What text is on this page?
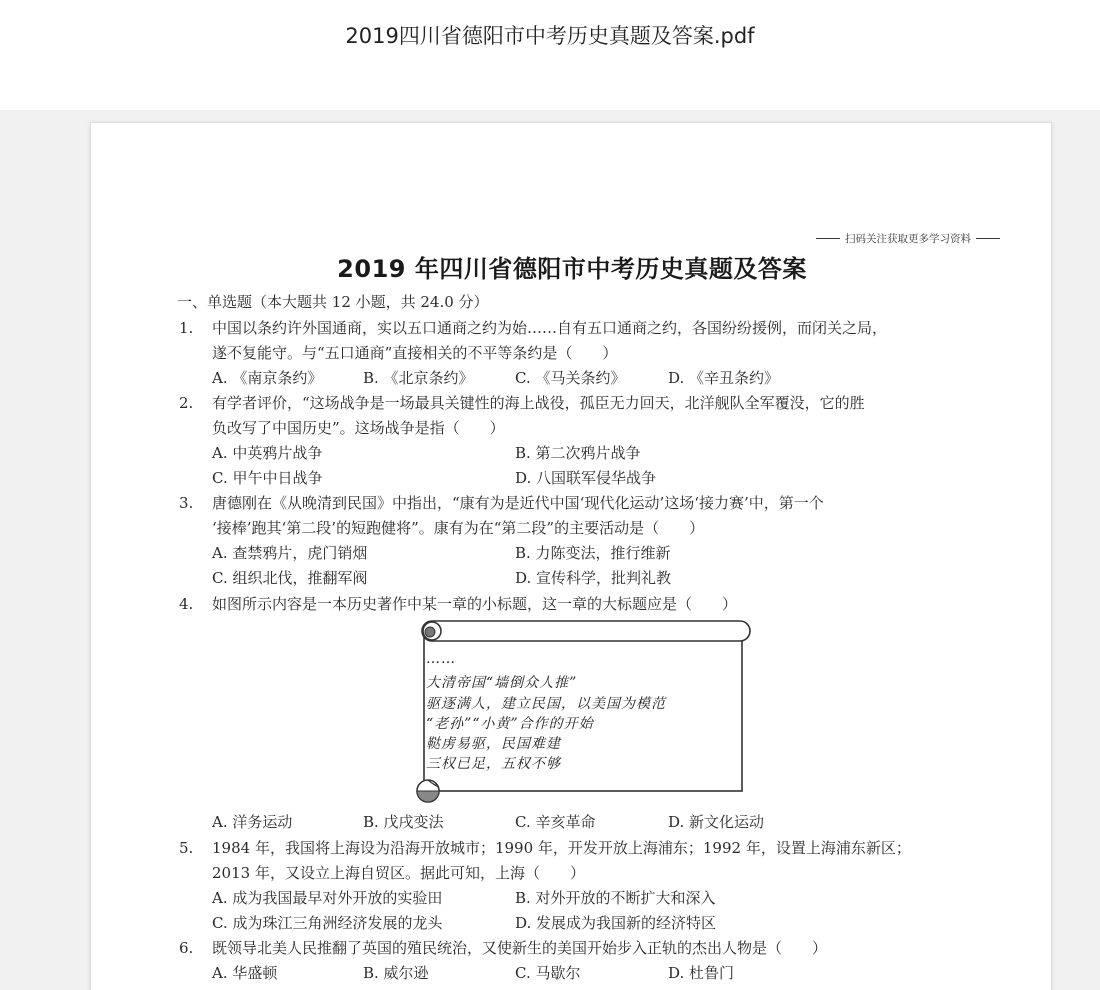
2019四川省德阳市中考历史真题及答案.pdf
扫码关注获取更多学习资料
2019 年四川省德阳市中考历史真题及答案
一、单选题（本大题共 12 小题，共 24.0 分）
1. 中国以条约许外国通商，实以五口通商之约为始……自有五口通商之约，各国纷纷援例，而闭关之局，
遂不复能守。与“五口通商”直接相关的不平等条约是（　　）
A. 《南京条约》	B. 《北京条约》	C. 《马关条约》	D. 《辛丑条约》
2. 有学者评价，“这场战争是一场最具关键性的海上战役，孤臣无力回天，北洋舰队全军覆没，它的胜
负改写了中国历史”。这场战争是指（　　）
A. 中英鸦片战争	B. 第二次鸦片战争
C. 甲午中日战争	D. 八国联军侵华战争
3. 唐德刚在《从晚清到民国》中指出，“康有为是近代中国‘现代化运动’这场‘接力赛’中，第一个
‘接棒’跑其‘第二段’的短跑健将”。康有为在“第二段”的主要活动是（　　）
A. 查禁鸦片，虎门销烟	B. 力陈变法，推行维新
C. 组织北伐，推翻军阀	D. 宣传科学，批判礼教
4. 如图所示内容是一本历史著作中某一章的小标题，这一章的大标题应是（　　）
……
大清帝国“墙倒众人推”
驱逐满人，建立民国，以美国为模范
“老孙”“小黄”合作的开始
鞑虏易驱，民国难建
三权已足，五权不够
A. 洋务运动	B. 戊戌变法	C. 辛亥革命	D. 新文化运动
5. 1984 年，我国将上海设为沿海开放城市；1990 年，开发开放上海浦东；1992 年，设置上海浦东新区；
2013 年，又设立上海自贸区。据此可知，上海（　　）
A. 成为我国最早对外开放的实验田	B. 对外开放的不断扩大和深入
C. 成为珠江三角洲经济发展的龙头	D. 发展成为我国新的经济特区
6. 既领导北美人民推翻了英国的殖民统治，又使新生的美国开始步入正轨的杰出人物是（　　）
A. 华盛顿	B. 威尔逊	C. 马歇尔	D. 杜鲁门
